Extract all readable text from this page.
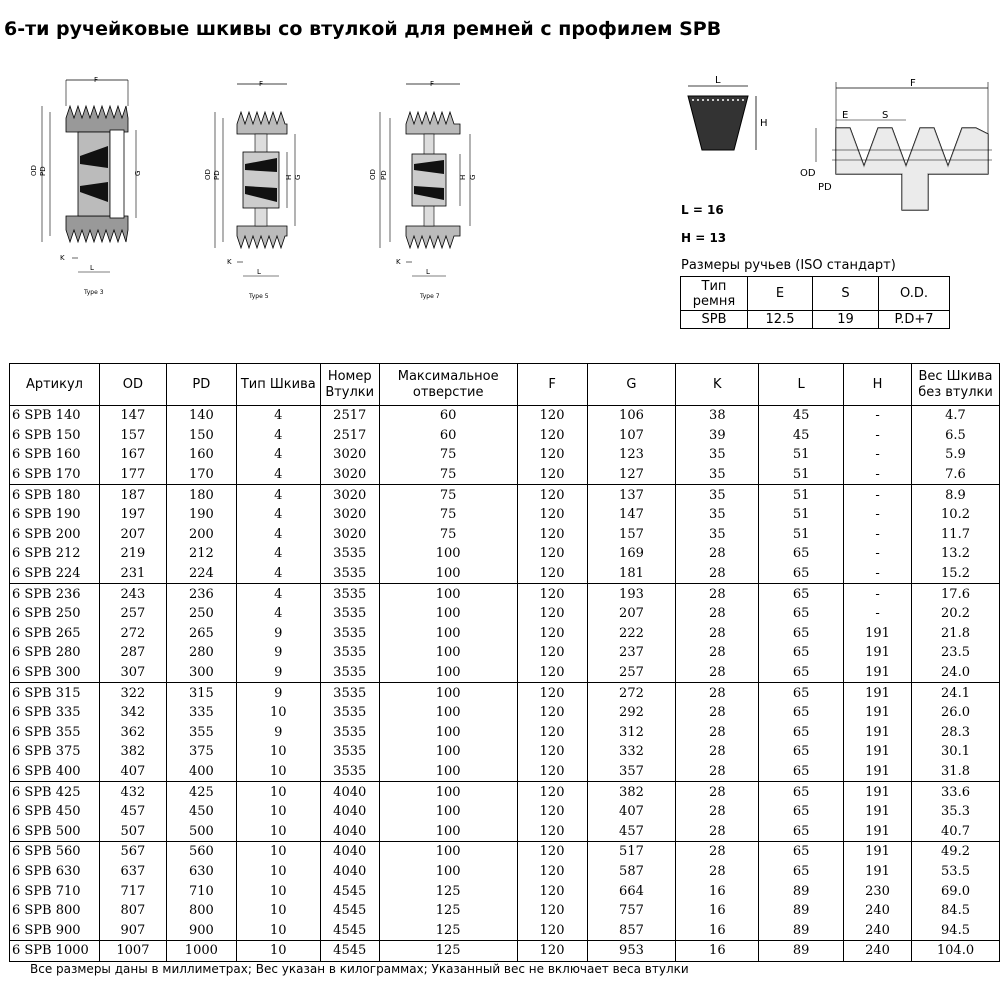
6-ти ручейковые шкивы со втулкой для ремней с профилем SPB
F
OD PD	G
K
L
Type 3
F
OD PD	H G
K
L
Type 5
F
OD PD	H G
K
L
Type 7
L
H
F
E	S
OD
PD
L = 16
H = 13
Размеры ручьев (ISO стандарт)
Тип ремня	E	S	O.D.
SPB	12.5	19	P.D+7
Артикул	OD	PD	Тип Шкива	Номер Втулки	Максимальное отверстие	F	G	K	L	H	Вес Шкива без втулки
6 SPB 140	147	140	4	2517	60	120	106	38	45	-	4.7
6 SPB 150	157	150	4	2517	60	120	107	39	45	-	6.5
6 SPB 160	167	160	4	3020	75	120	123	35	51	-	5.9
6 SPB 170	177	170	4	3020	75	120	127	35	51	-	7.6
6 SPB 180	187	180	4	3020	75	120	137	35	51	-	8.9
6 SPB 190	197	190	4	3020	75	120	147	35	51	-	10.2
6 SPB 200	207	200	4	3020	75	120	157	35	51	-	11.7
6 SPB 212	219	212	4	3535	100	120	169	28	65	-	13.2
6 SPB 224	231	224	4	3535	100	120	181	28	65	-	15.2
6 SPB 236	243	236	4	3535	100	120	193	28	65	-	17.6
6 SPB 250	257	250	4	3535	100	120	207	28	65	-	20.2
6 SPB 265	272	265	9	3535	100	120	222	28	65	191	21.8
6 SPB 280	287	280	9	3535	100	120	237	28	65	191	23.5
6 SPB 300	307	300	9	3535	100	120	257	28	65	191	24.0
6 SPB 315	322	315	9	3535	100	120	272	28	65	191	24.1
6 SPB 335	342	335	10	3535	100	120	292	28	65	191	26.0
6 SPB 355	362	355	9	3535	100	120	312	28	65	191	28.3
6 SPB 375	382	375	10	3535	100	120	332	28	65	191	30.1
6 SPB 400	407	400	10	3535	100	120	357	28	65	191	31.8
6 SPB 425	432	425	10	4040	100	120	382	28	65	191	33.6
6 SPB 450	457	450	10	4040	100	120	407	28	65	191	35.3
6 SPB 500	507	500	10	4040	100	120	457	28	65	191	40.7
6 SPB 560	567	560	10	4040	100	120	517	28	65	191	49.2
6 SPB 630	637	630	10	4040	100	120	587	28	65	191	53.5
6 SPB 710	717	710	10	4545	125	120	664	16	89	230	69.0
6 SPB 800	807	800	10	4545	125	120	757	16	89	240	84.5
6 SPB 900	907	900	10	4545	125	120	857	16	89	240	94.5
6 SPB 1000	1007	1000	10	4545	125	120	953	16	89	240	104.0
Все размеры даны в миллиметрах; Вес указан в килограммах; Указанный вес не включает веса втулки
